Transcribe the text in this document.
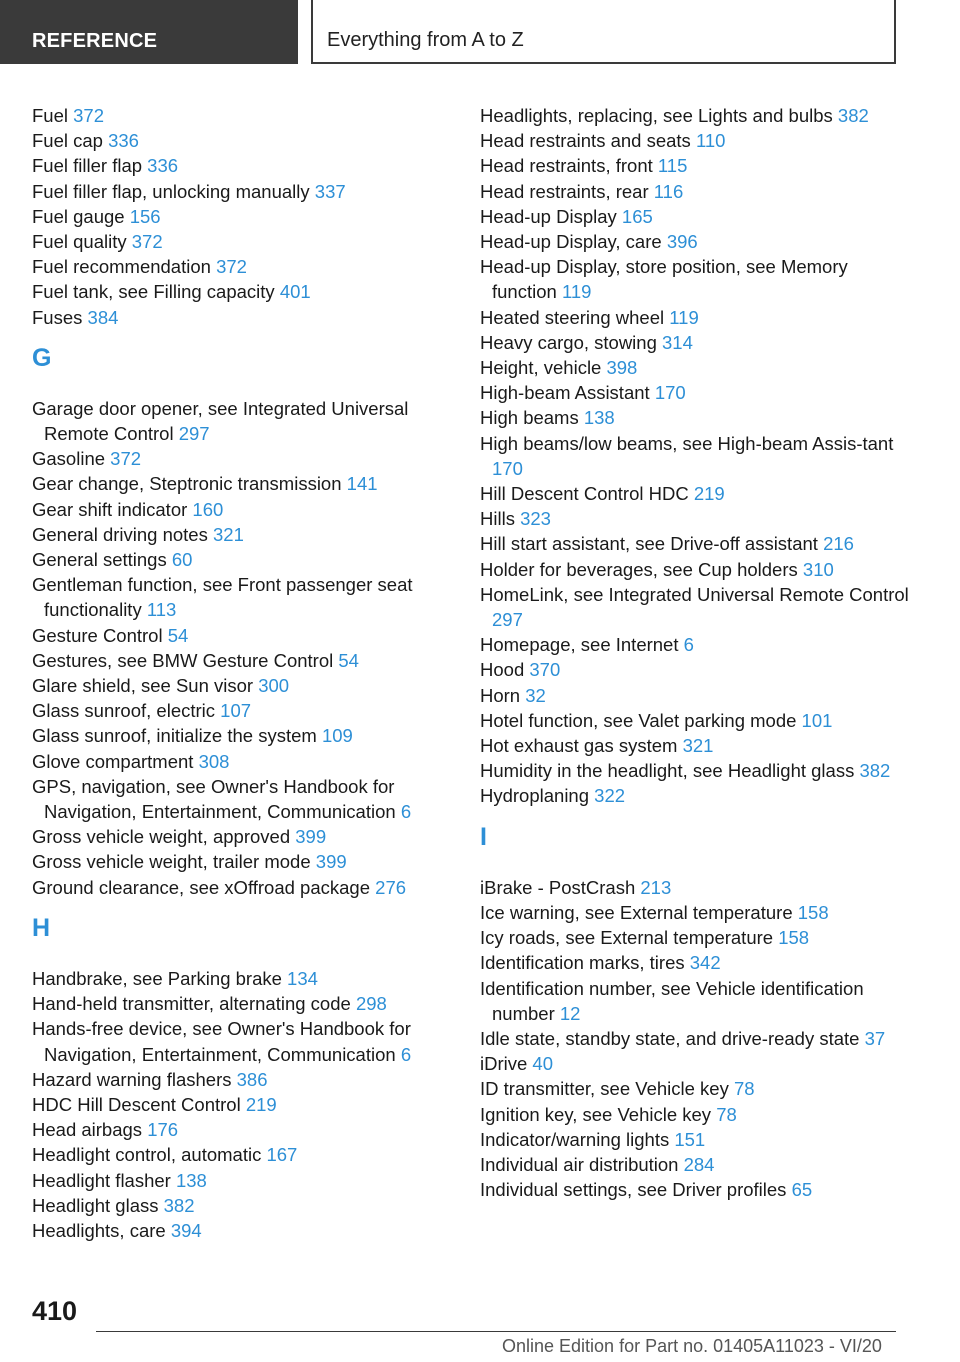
REFERENCE	Everything from A to Z
Fuel 372
Fuel cap 336
Fuel filler flap 336
Fuel filler flap, unlocking manually 337
Fuel gauge 156
Fuel quality 372
Fuel recommendation 372
Fuel tank, see Filling capacity 401
Fuses 384
G
Garage door opener, see Integrated Universal Remote Control 297
Gasoline 372
Gear change, Steptronic transmission 141
Gear shift indicator 160
General driving notes 321
General settings 60
Gentleman function, see Front passenger seat functionality 113
Gesture Control 54
Gestures, see BMW Gesture Control 54
Glare shield, see Sun visor 300
Glass sunroof, electric 107
Glass sunroof, initialize the system 109
Glove compartment 308
GPS, navigation, see Owner's Handbook for Navigation, Entertainment, Communication 6
Gross vehicle weight, approved 399
Gross vehicle weight, trailer mode 399
Ground clearance, see xOffroad package 276
H
Handbrake, see Parking brake 134
Hand-held transmitter, alternating code 298
Hands-free device, see Owner's Handbook for Navigation, Entertainment, Communication 6
Hazard warning flashers 386
HDC Hill Descent Control 219
Head airbags 176
Headlight control, automatic 167
Headlight flasher 138
Headlight glass 382
Headlights, care 394
Headlights, replacing, see Lights and bulbs 382
Head restraints and seats 110
Head restraints, front 115
Head restraints, rear 116
Head-up Display 165
Head-up Display, care 396
Head-up Display, store position, see Memory function 119
Heated steering wheel 119
Heavy cargo, stowing 314
Height, vehicle 398
High-beam Assistant 170
High beams 138
High beams/low beams, see High-beam Assis‐tant 170
Hill Descent Control HDC 219
Hills 323
Hill start assistant, see Drive-off assistant 216
Holder for beverages, see Cup holders 310
HomeLink, see Integrated Universal Remote Control 297
Homepage, see Internet 6
Hood 370
Horn 32
Hotel function, see Valet parking mode 101
Hot exhaust gas system 321
Humidity in the headlight, see Headlight glass 382
Hydroplaning 322
I
iBrake - PostCrash 213
Ice warning, see External temperature 158
Icy roads, see External temperature 158
Identification marks, tires 342
Identification number, see Vehicle identification number 12
Idle state, standby state, and drive-ready state 37
iDrive 40
ID transmitter, see Vehicle key 78
Ignition key, see Vehicle key 78
Indicator/warning lights 151
Individual air distribution 284
Individual settings, see Driver profiles 65
410
Online Edition for Part no. 01405A11023 - VI/20
